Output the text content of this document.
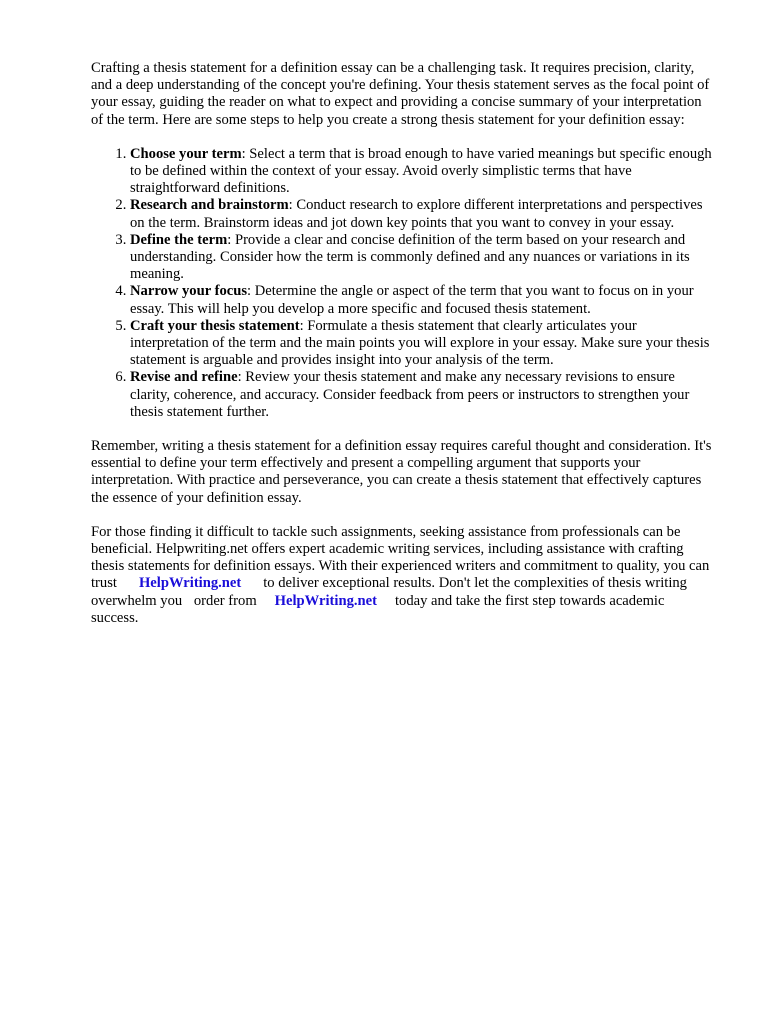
Crafting a thesis statement for a definition essay can be a challenging task. It requires precision, clarity, and a deep understanding of the concept you're defining. Your thesis statement serves as the focal point of your essay, guiding the reader on what to expect and providing a concise summary of your interpretation of the term. Here are some steps to help you create a strong thesis statement for your definition essay:

1. Choose your term: Select a term that is broad enough to have varied meanings but specific enough to be defined within the context of your essay. Avoid overly simplistic terms that have straightforward definitions.
2. Research and brainstorm: Conduct research to explore different interpretations and perspectives on the term. Brainstorm ideas and jot down key points that you want to convey in your essay.
3. Define the term: Provide a clear and concise definition of the term based on your research and understanding. Consider how the term is commonly defined and any nuances or variations in its meaning.
4. Narrow your focus: Determine the angle or aspect of the term that you want to focus on in your essay. This will help you develop a more specific and focused thesis statement.
5. Craft your thesis statement: Formulate a thesis statement that clearly articulates your interpretation of the term and the main points you will explore in your essay. Make sure your thesis statement is arguable and provides insight into your analysis of the term.
6. Revise and refine: Review your thesis statement and make any necessary revisions to ensure clarity, coherence, and accuracy. Consider feedback from peers or instructors to strengthen your thesis statement further.

Remember, writing a thesis statement for a definition essay requires careful thought and consideration. It's essential to define your term effectively and present a compelling argument that supports your interpretation. With practice and perseverance, you can create a thesis statement that effectively captures the essence of your definition essay.

For those finding it difficult to tackle such assignments, seeking assistance from professionals can be beneficial. Helpwriting.net offers expert academic writing services, including assistance with crafting thesis statements for definition essays. With their experienced writers and commitment to quality, you can trust HelpWriting.net to deliver exceptional results. Don't let the complexities of thesis writing overwhelm you order from HelpWriting.net today and take the first step towards academic success.
